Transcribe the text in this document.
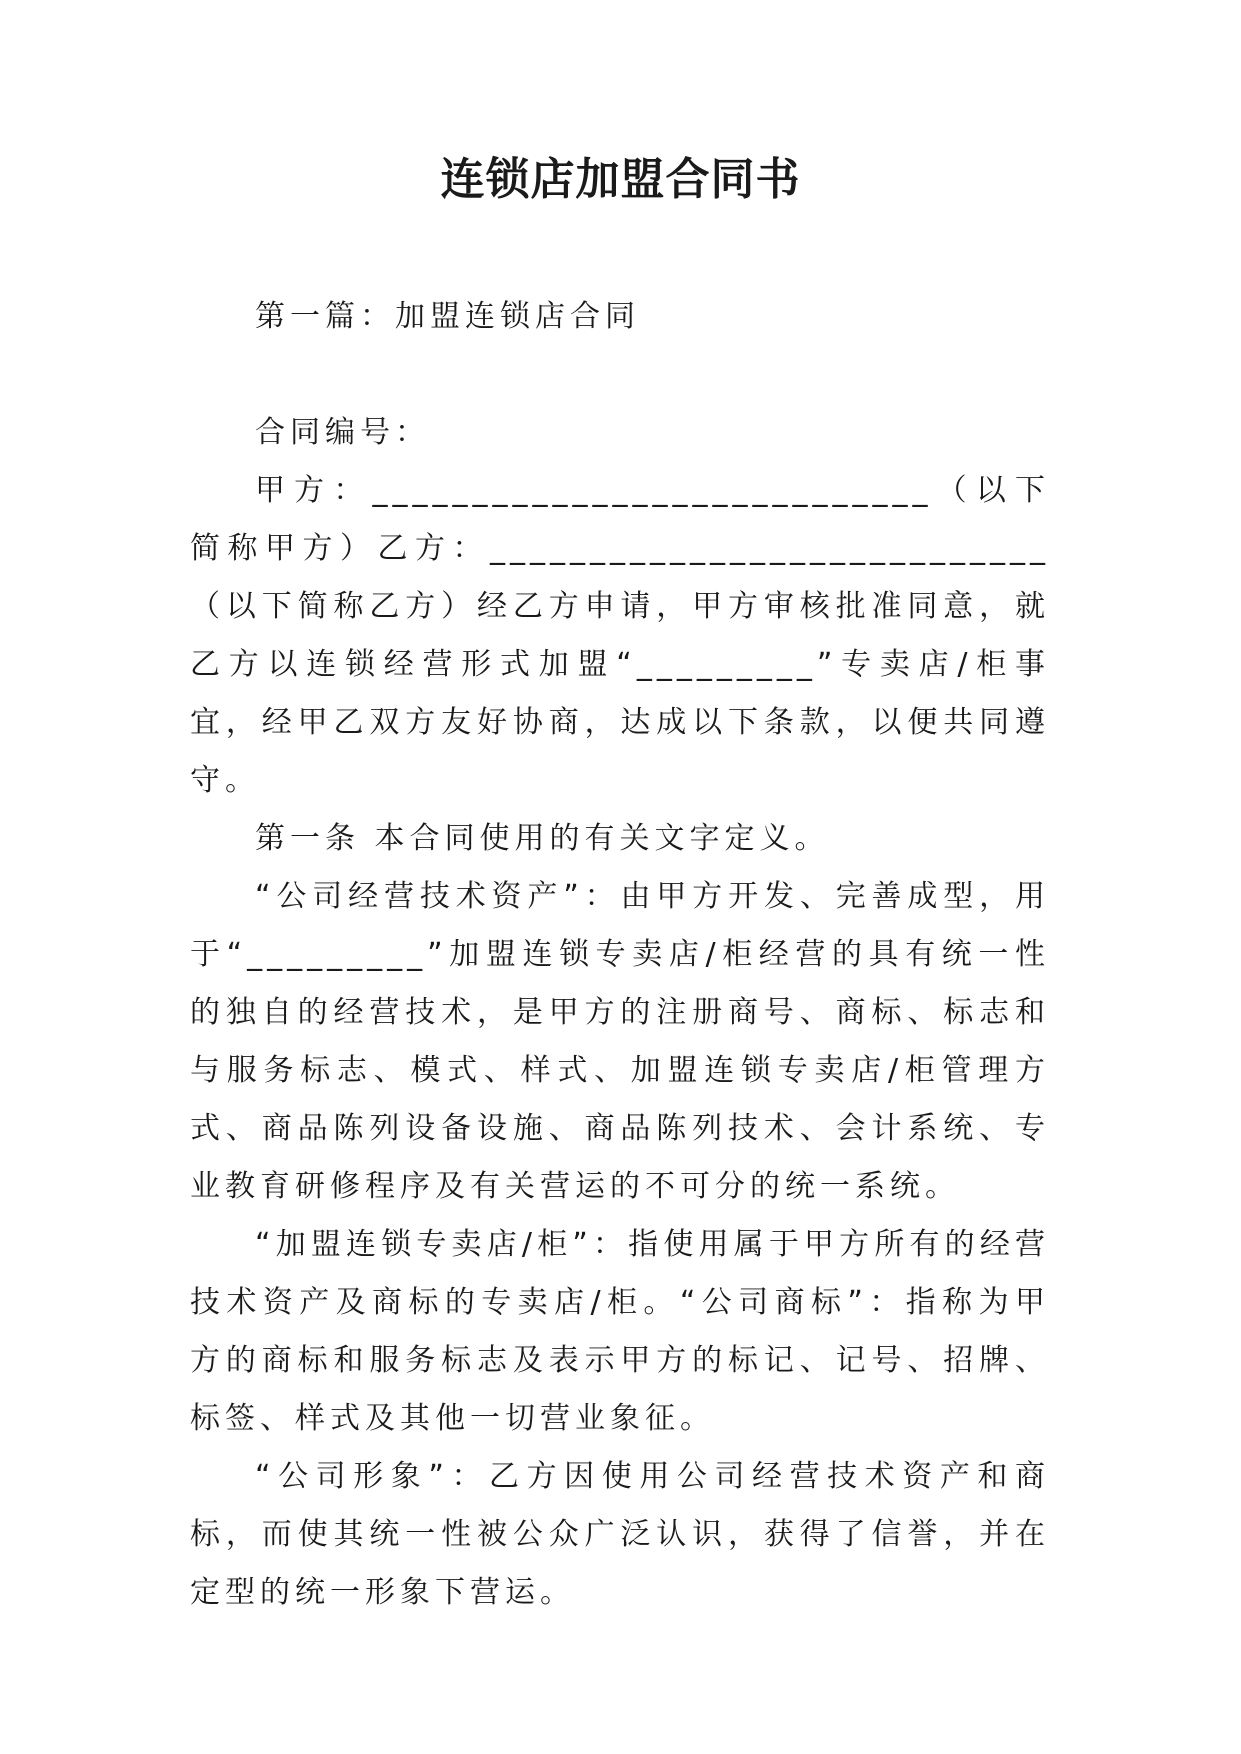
连锁店加盟合同书

第一篇：加盟连锁店合同

合同编号：

甲方：____________________________（以下简称甲方）乙方：____________________________（以下简称乙方）经乙方申请，甲方审核批准同意，就乙方以连锁经营形式加盟“_________”专卖店/柜事宜，经甲乙双方友好协商，达成以下条款，以便共同遵守。

第一条 本合同使用的有关文字定义。

“公司经营技术资产”：由甲方开发、完善成型，用于“_________”加盟连锁专卖店/柜经营的具有统一性的独自的经营技术，是甲方的注册商号、商标、标志和与服务标志、模式、样式、加盟连锁专卖店/柜管理方式、商品陈列设备设施、商品陈列技术、会计系统、专业教育研修程序及有关营运的不可分的统一系统。

“加盟连锁专卖店/柜”：指使用属于甲方所有的经营技术资产及商标的专卖店/柜。“公司商标”：指称为甲方的商标和服务标志及表示甲方的标记、记号、招牌、标签、样式及其他一切营业象征。

“公司形象”：乙方因使用公司经营技术资产和商标，而使其统一性被公众广泛认识，获得了信誉，并在定型的统一形象下营运。
